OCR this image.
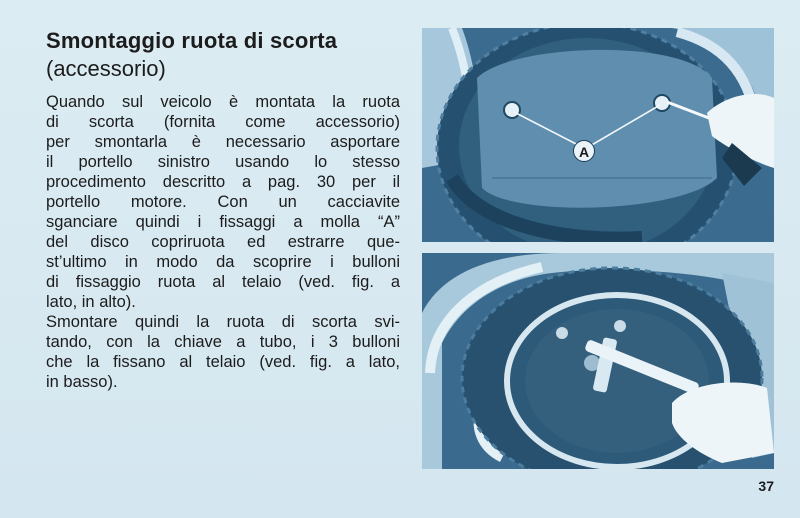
Smontaggio ruota di scorta
(accessorio)
Quando sul veicolo è montata la ruota
di scorta (fornita come accessorio)
per smontarla è necessario asportare
il portello sinistro usando lo stesso
procedimento descritto a pag. 30 per il
portello motore. Con un cacciavite
sganciare quindi i fissaggi a molla “A”
del disco copriruota ed estrarre que-
st’ultimo in modo da scoprire i bulloni
di fissaggio ruota al telaio (ved. fig. a
lato, in alto).
Smontare quindi la ruota di scorta svi-
tando, con la chiave a tubo, i 3 bulloni
che la fissano al telaio (ved. fig. a lato,
in basso).
A
37
